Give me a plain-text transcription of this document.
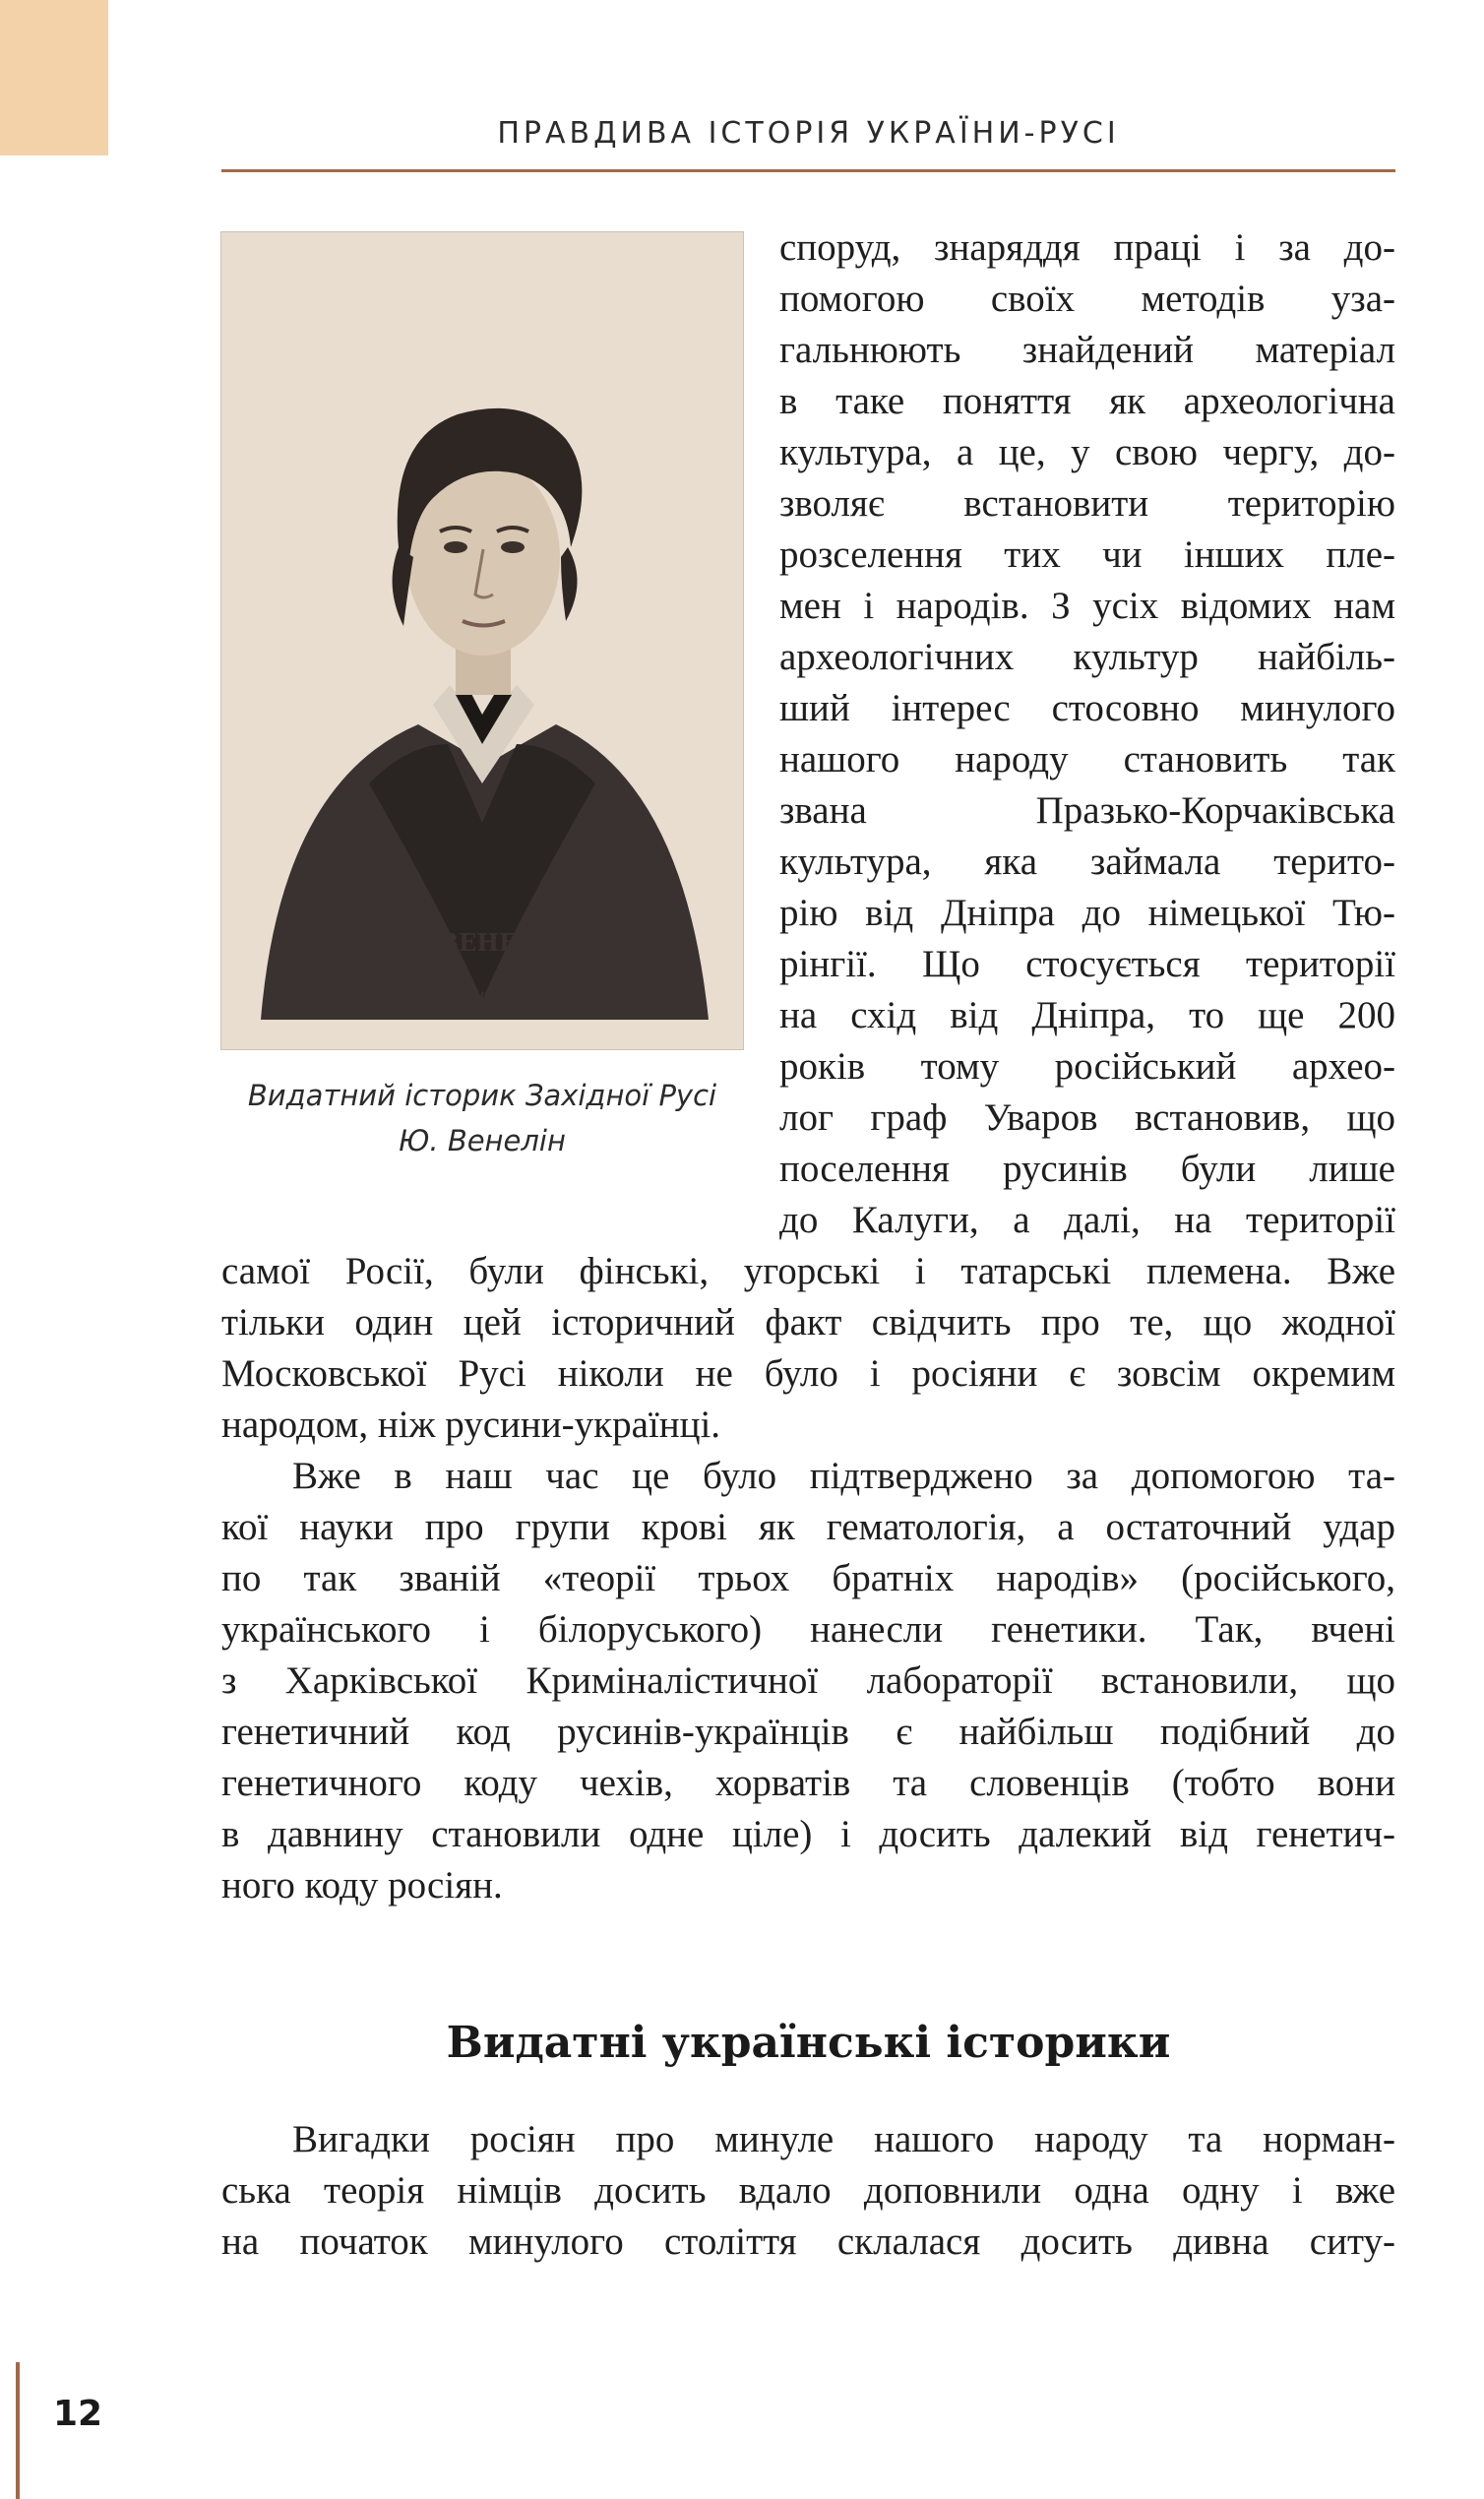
ПРАВДИВА ІСТОРІЯ УКРАЇНИ-РУСІ
Ю. И. ВЕНЕЛИНЪ.
(Georgius Hutza)
Видатний історик Західної Русі
Ю. Венелін
споруд, знаряддя праці і за до-
помогою своїх методів уза-
гальнюють знайдений матеріал
в таке поняття як археологічна
культура, а це, у свою чергу, до-
зволяє встановити територію
розселення тих чи інших пле-
мен і народів. З усіх відомих нам
археологічних культур найбіль-
ший інтерес стосовно минулого
нашого народу становить так
звана Празько-Корчаківська
культура, яка займала терито-
рію від Дніпра до німецької Тю-
рінгії. Що стосується території
на схід від Дніпра, то ще 200
років тому російський архео-
лог граф Уваров встановив, що
поселення русинів були лише
до Калуги, а далі, на території
самої Росії, були фінські, угорські і татарські племена. Вже
тільки один цей історичний факт свідчить про те, що жодної
Московської Русі ніколи не було і росіяни є зовсім окремим
народом, ніж русини-українці.
Вже в наш час це було підтверджено за допомогою та-
кої науки про групи крові як гематологія, а остаточний удар
по так званій «теорії трьох братніх народів» (російського,
українського і білоруського) нанесли генетики. Так, вчені
з Харківської Криміналістичної лабораторії встановили, що
генетичний код русинів-українців є найбільш подібний до
генетичного коду чехів, хорватів та словенців (тобто вони
в давнину становили одне ціле) і досить далекий від генетич-
ного коду росіян.
Видатні українські історики
Вигадки росіян про минуле нашого народу та норман-
ська теорія німців досить вдало доповнили одна одну і вже
на початок минулого століття склалася досить дивна ситу-
12
